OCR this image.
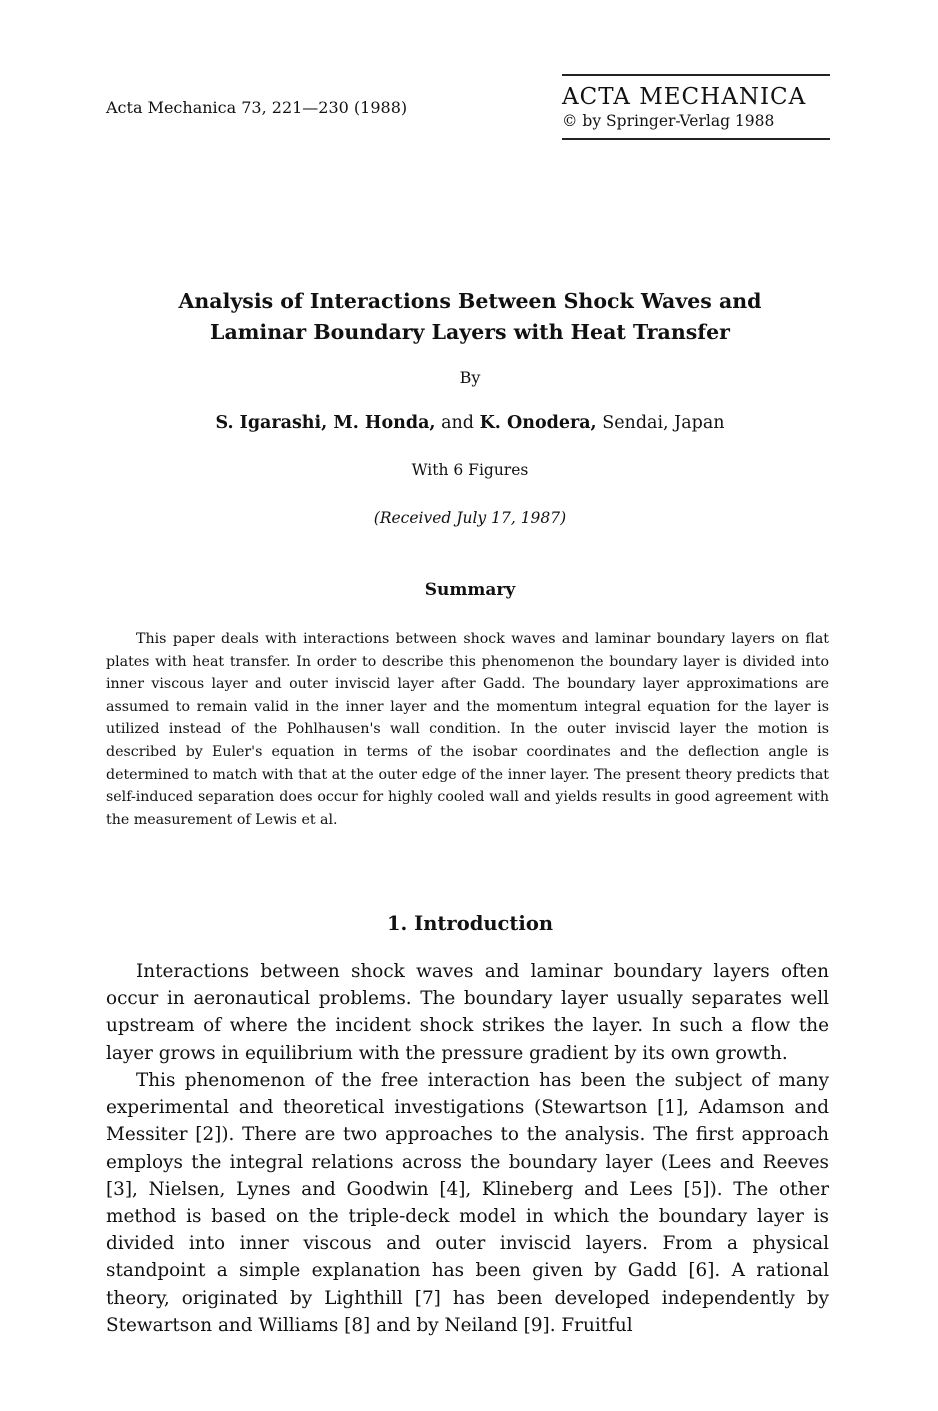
Acta Mechanica 73, 221—230 (1988)	ACTA MECHANICA
© by Springer-Verlag 1988
Analysis of Interactions Between Shock Waves and
Laminar Boundary Layers with Heat Transfer
By
S. Igarashi, M. Honda, and K. Onodera, Sendai, Japan
With 6 Figures
(Received July 17, 1987)
Summary

This paper deals with interactions between shock waves and laminar boundary layers on flat plates with heat transfer. In order to describe this phenomenon the boundary layer is divided into inner viscous layer and outer inviscid layer after Gadd. The boundary layer approximations are assumed to remain valid in the inner layer and the momentum integral equation for the layer is utilized instead of the Pohlhausen's wall condition. In the outer inviscid layer the motion is described by Euler's equation in terms of the isobar coordinates and the deflection angle is determined to match with that at the outer edge of the inner layer. The present theory predicts that self-induced separation does occur for highly cooled wall and yields results in good agreement with the measurement of Lewis et al.

1. Introduction

Interactions between shock waves and laminar boundary layers often occur in aeronautical problems. The boundary layer usually separates well upstream of where the incident shock strikes the layer. In such a flow the layer grows in equilibrium with the pressure gradient by its own growth.

This phenomenon of the free interaction has been the subject of many experimental and theoretical investigations (Stewartson [1], Adamson and Messiter [2]). There are two approaches to the analysis. The first approach employs the integral relations across the boundary layer (Lees and Reeves [3], Nielsen, Lynes and Goodwin [4], Klineberg and Lees [5]). The other method is based on the triple-deck model in which the boundary layer is divided into inner viscous and outer inviscid layers. From a physical standpoint a simple explanation has been given by Gadd [6]. A rational theory, originated by Lighthill [7] has been developed independently by Stewartson and Williams [8] and by Neiland [9]. Fruitful
